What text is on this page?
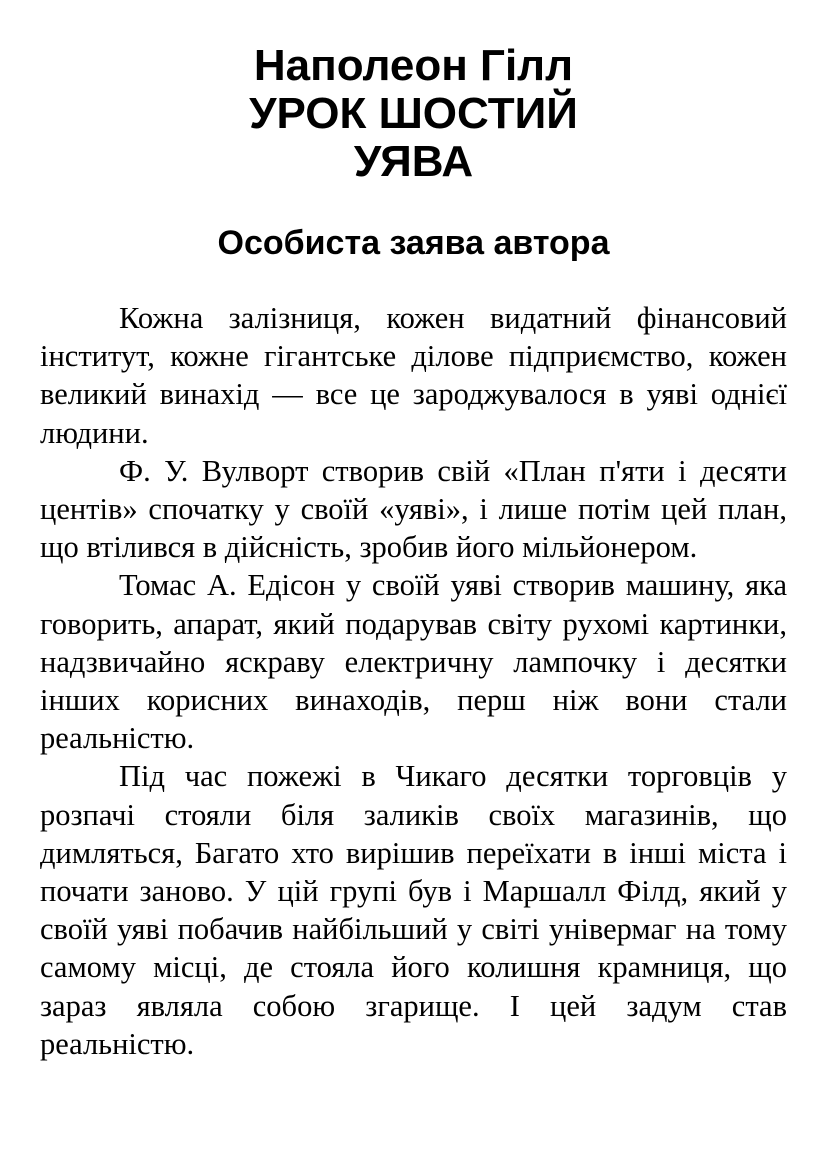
Наполеон Гілл
УРОК ШОСТИЙ
УЯВА
Особиста заява автора

Кожна залізниця, кожен видатний фінансовий інститут, кожне гігантське ділове підприємство, кожен великий винахід — все це зароджувалося в уяві однієї людини.

Ф. У. Вулворт створив свій «План п'яти і десяти центів» спочатку у своїй «уяві», і лише потім цей план, що втілився в дійсність, зробив його мільйонером.

Томас А. Едісон у своїй уяві створив машину, яка говорить, апарат, який подарував світу рухомі картинки, надзвичайно яскраву електричну лампочку і десятки інших корисних винаходів, перш ніж вони стали реальністю.

Під час пожежі в Чикаго десятки торговців у розпачі стояли біля заликів своїх магазинів, що димляться, Багато хто вирішив переїхати в інші міста і почати заново. У цій групі був і Маршалл Філд, який у своїй уяві побачив найбільший у світі універмаг на тому самому місці, де стояла його колишня крамниця, що зараз являла собою згарище. І цей задум став реальністю.
